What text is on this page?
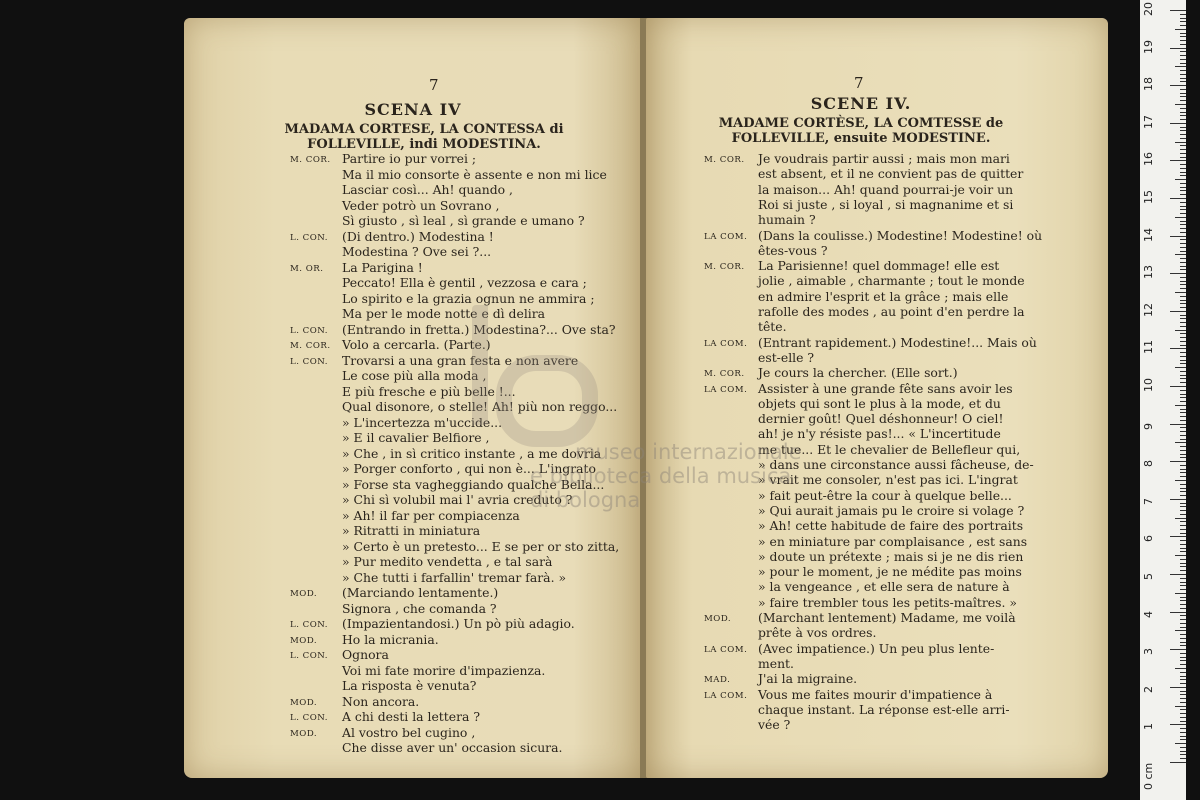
7
SCENA IV
MADAMA CORTESE, LA CONTESSA di
FOLLEVILLE, indi MODESTINA.
M. COR. Partire io pur vorrei ;
Ma il mio consorte è assente e non mi lice
Lasciar così... Ah! quando ,
Veder potrò un Sovrano ,
Sì giusto , sì leal , sì grande e umano ?
L. CON. (Di dentro.) Modestina !
Modestina ? Ove sei ?...
M. OR. La Parigina !
Peccato! Ella è gentil , vezzosa e cara ;
Lo spirito e la grazia ognun ne ammira ;
Ma per le mode notte e dì delira
L. CON. (Entrando in fretta.) Modestina?... Ove sta?
M. COR. Volo a cercarla. (Parte.)
L. CON. Trovarsi a una gran festa e non avere
Le cose più alla moda ,
E più fresche e più belle !...
Qual disonore, o stelle! Ah! più non reggo...
» L'incertezza m'uccide...
» E il cavalier Belfiore ,
» Che , in sì critico instante , a me dovria
» Porger conforto , qui non è... L'ingrato
» Forse sta vagheggiando qualche Bella...
» Chi sì volubil mai l' avria creduto ?
» Ah! il far per compiacenza
» Ritratti in miniatura
» Certo è un pretesto... E se per or sto zitta,
» Pur medito vendetta , e tal sarà
» Che tutti i farfallin' tremar farà. »
MOD. (Marciando lentamente.)
Signora , che comanda ?
L. CON. (Impazientandosi.) Un pò più adagio.
MOD. Ho la micrania.
L. CON. Ognora
Voi mi fate morire d'impazienza.
La risposta è venuta?
MOD. Non ancora.
L. CON. A chi desti la lettera ?
MOD. Al vostro bel cugino ,
Che disse aver un' occasion sicura.
7
SCENE IV.
MADAME CORTÈSE, LA COMTESSE de
FOLLEVILLE, ensuite MODESTINE.
M. COR. Je voudrais partir aussi ; mais mon mari
est absent, et il ne convient pas de quitter
la maison... Ah! quand pourrai-je voir un
Roi si juste , si loyal , si magnanime et si
humain ?
LA COM. (Dans la coulisse.) Modestine! Modestine! où
êtes-vous ?
M. COR. La Parisienne! quel dommage! elle est
jolie , aimable , charmante ; tout le monde
en admire l'esprit et la grâce ; mais elle
rafolle des modes , au point d'en perdre la
tête.
LA COM. (Entrant rapidement.) Modestine!... Mais où
est-elle ?
M. COR. Je cours la chercher. (Elle sort.)
LA COM. Assister à une grande fête sans avoir les
objets qui sont le plus à la mode, et du
dernier goût! Quel déshonneur! O ciel!
ah! je n'y résiste pas!... « L'incertitude
me tue... Et le chevalier de Bellefleur qui,
» dans une circonstance aussi fâcheuse, de-
» vrait me consoler, n'est pas ici. L'ingrat
» fait peut-être la cour à quelque belle...
» Qui aurait jamais pu le croire si volage ?
» Ah! cette habitude de faire des portraits
» en miniature par complaisance , est sans
» doute un prétexte ; mais si je ne dis rien
» pour le moment, je ne médite pas moins
» la vengeance , et elle sera de nature à
» faire trembler tous les petits-maîtres. »
MOD. (Marchant lentement) Madame, me voilà
prête à vos ordres.
LA COM. (Avec impatience.) Un peu plus lente-
ment.
MAD. J'ai la migraine.
LA COM. Vous me faites mourir d'impatience à
chaque instant. La réponse est-elle arri-
vée ?
museo internazionale
e biblioteca della musica
di bologna
0 cm
1
2
3
4
5
6
7
8
9
10
11
12
13
14
15
16
17
18
19
20
